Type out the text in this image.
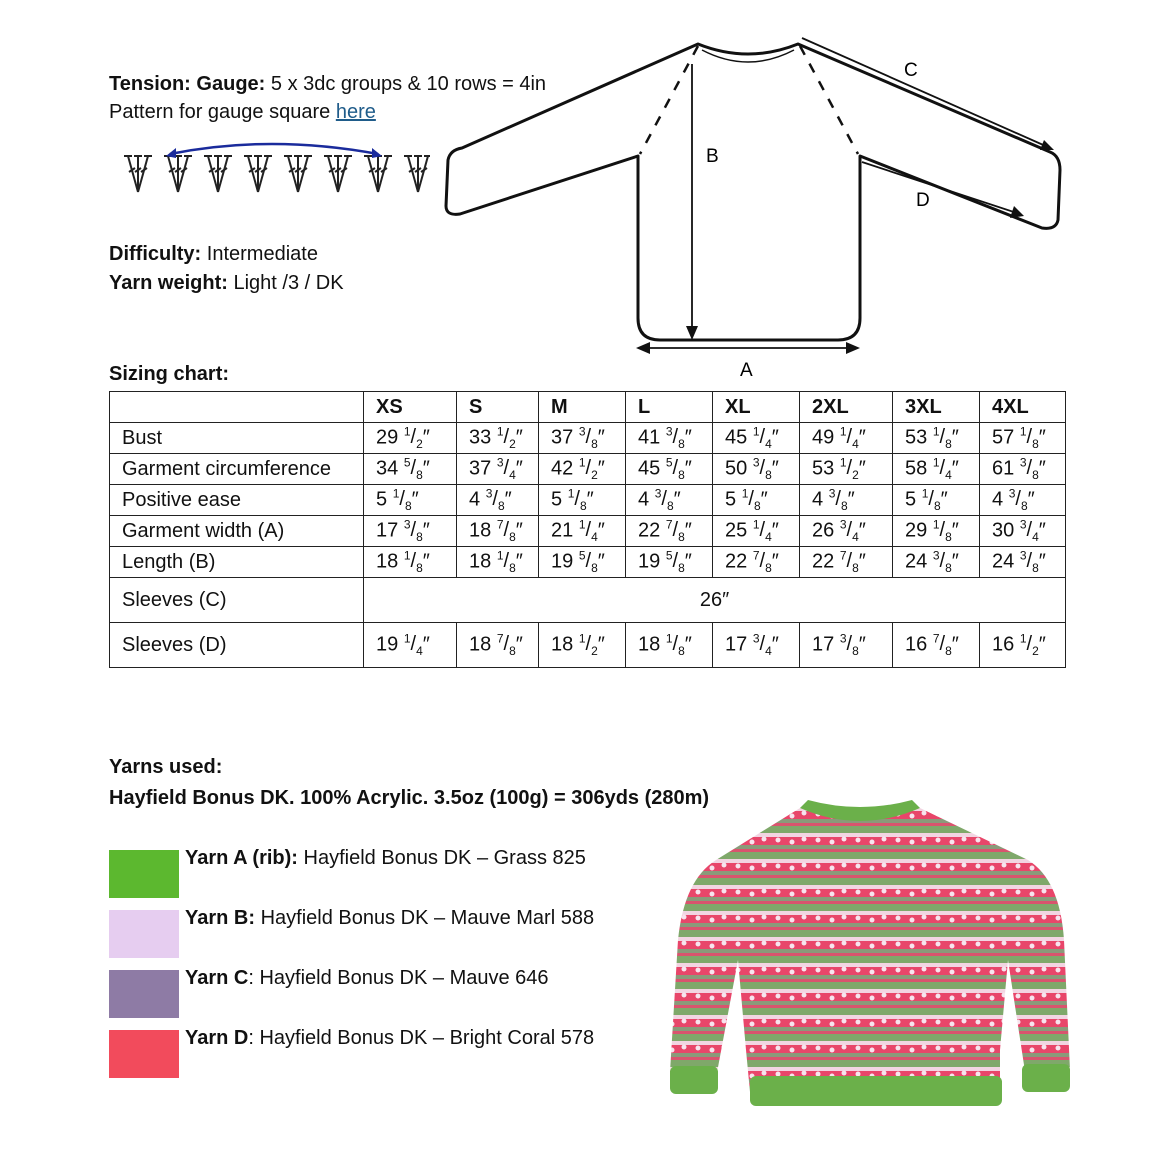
Tension: Gauge: 5 x 3dc groups & 10 rows = 4in
Pattern for gauge square here
Difficulty: Intermediate
Yarn weight: Light /3 / DK
B
A
C
D
Sizing chart:
	XS	S	M	L	XL	2XL	3XL	4XL
Bust	29 $^1/_2''$	33 $^1/_2''$	37 $^3/_8''$	41 $^3/_8''$	45 $^1/_4''$	49 $^1/_4''$	53 $^1/_8''$	57 $^1/_8''$
Garment circumference	34 $^5/_8''$	37 $^3/_4''$	42 $^1/_2''$	45 $^5/_8''$	50 $^3/_8''$	53 $^1/_2''$	58 $^1/_4''$	61 $^3/_8''$
Positive ease	5 $^1/_8''$	4 $^3/_8''$	5 $^1/_8''$	4 $^3/_8''$	5 $^1/_8''$	4 $^3/_8''$	5 $^1/_8''$	4 $^3/_8''$
Garment width (A)	17 $^3/_8''$	18 $^7/_8''$	21 $^1/_4''$	22 $^7/_8''$	25 $^1/_4''$	26 $^3/_4''$	29 $^1/_8''$	30 $^3/_4''$
Length (B)	18 $^1/_8''$	18 $^1/_8''$	19 $^5/_8''$	19 $^5/_8''$	22 $^7/_8''$	22 $^7/_8''$	24 $^3/_8''$	24 $^3/_8''$
Sleeves (C)	26″							
Sleeves (D)	19 $^1/_4''$	18 $^7/_8''$	18 $^1/_2''$	18 $^1/_8''$	17 $^3/_4''$	17 $^3/_8''$	16 $^7/_8''$	16 $^1/_2''$
Yarns used:
Hayfield Bonus DK. 100% Acrylic. 3.5oz (100g) = 306yds (280m)
Yarn A (rib): Hayfield Bonus DK – Grass 825
Yarn B: Hayfield Bonus DK – Mauve Marl 588
Yarn C: Hayfield Bonus DK – Mauve 646
Yarn D: Hayfield Bonus DK – Bright Coral 578
